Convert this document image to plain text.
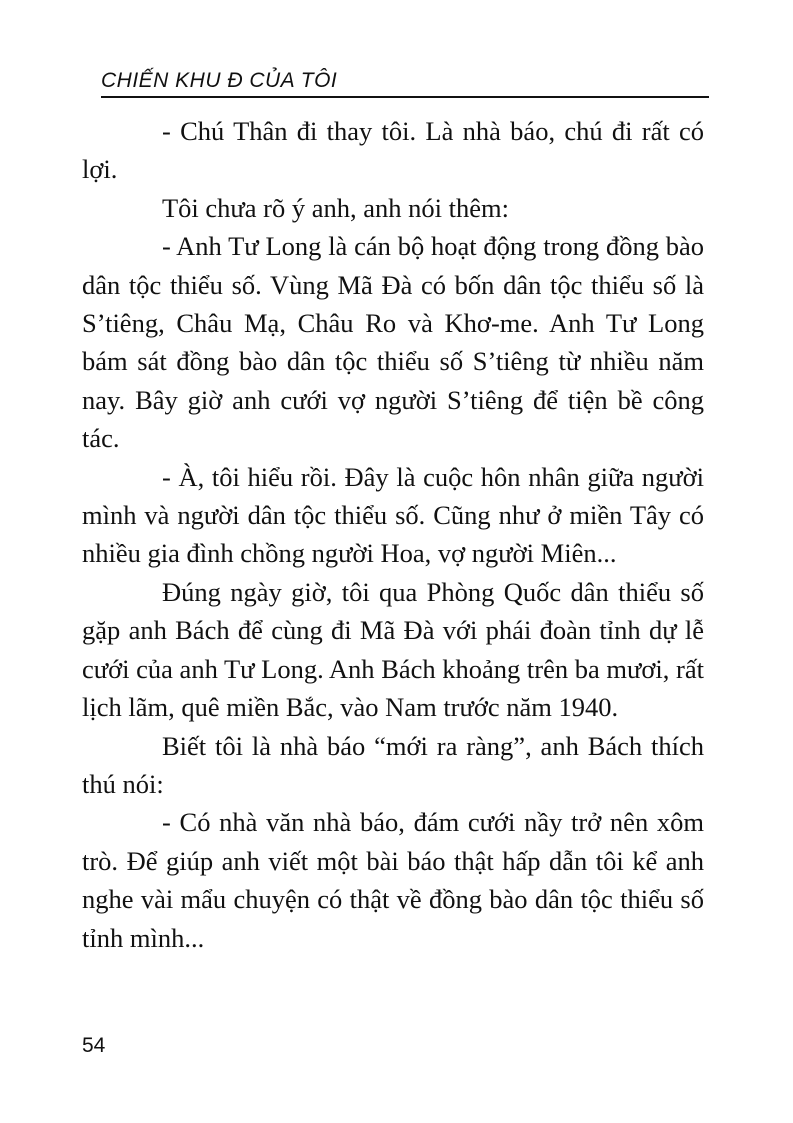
CHIẾN KHU Đ CỦA TÔI

- Chú Thân đi thay tôi. Là nhà báo, chú đi rất có lợi.

Tôi chưa rõ ý anh, anh nói thêm:

- Anh Tư Long là cán bộ hoạt động trong đồng bào dân tộc thiểu số. Vùng Mã Đà có bốn dân tộc thiểu số là S’tiêng, Châu Mạ, Châu Ro và Khơ-me. Anh Tư Long bám sát đồng bào dân tộc thiểu số S’tiêng từ nhiều năm nay. Bây giờ anh cưới vợ người S’tiêng để tiện bề công tác.

- À, tôi hiểu rồi. Đây là cuộc hôn nhân giữa người mình và người dân tộc thiểu số. Cũng như ở miền Tây có nhiều gia đình chồng người Hoa, vợ người Miên...

Đúng ngày giờ, tôi qua Phòng Quốc dân thiểu số gặp anh Bách để cùng đi Mã Đà với phái đoàn tỉnh dự lễ cưới của anh Tư Long. Anh Bách khoảng trên ba mươi, rất lịch lãm, quê miền Bắc, vào Nam trước năm 1940.

Biết tôi là nhà báo “mới ra ràng”, anh Bách thích thú nói:

- Có nhà văn nhà báo, đám cưới nầy trở nên xôm trò. Để giúp anh viết một bài báo thật hấp dẫn tôi kể anh nghe vài mẩu chuyện có thật về đồng bào dân tộc thiểu số tỉnh mình...

54
